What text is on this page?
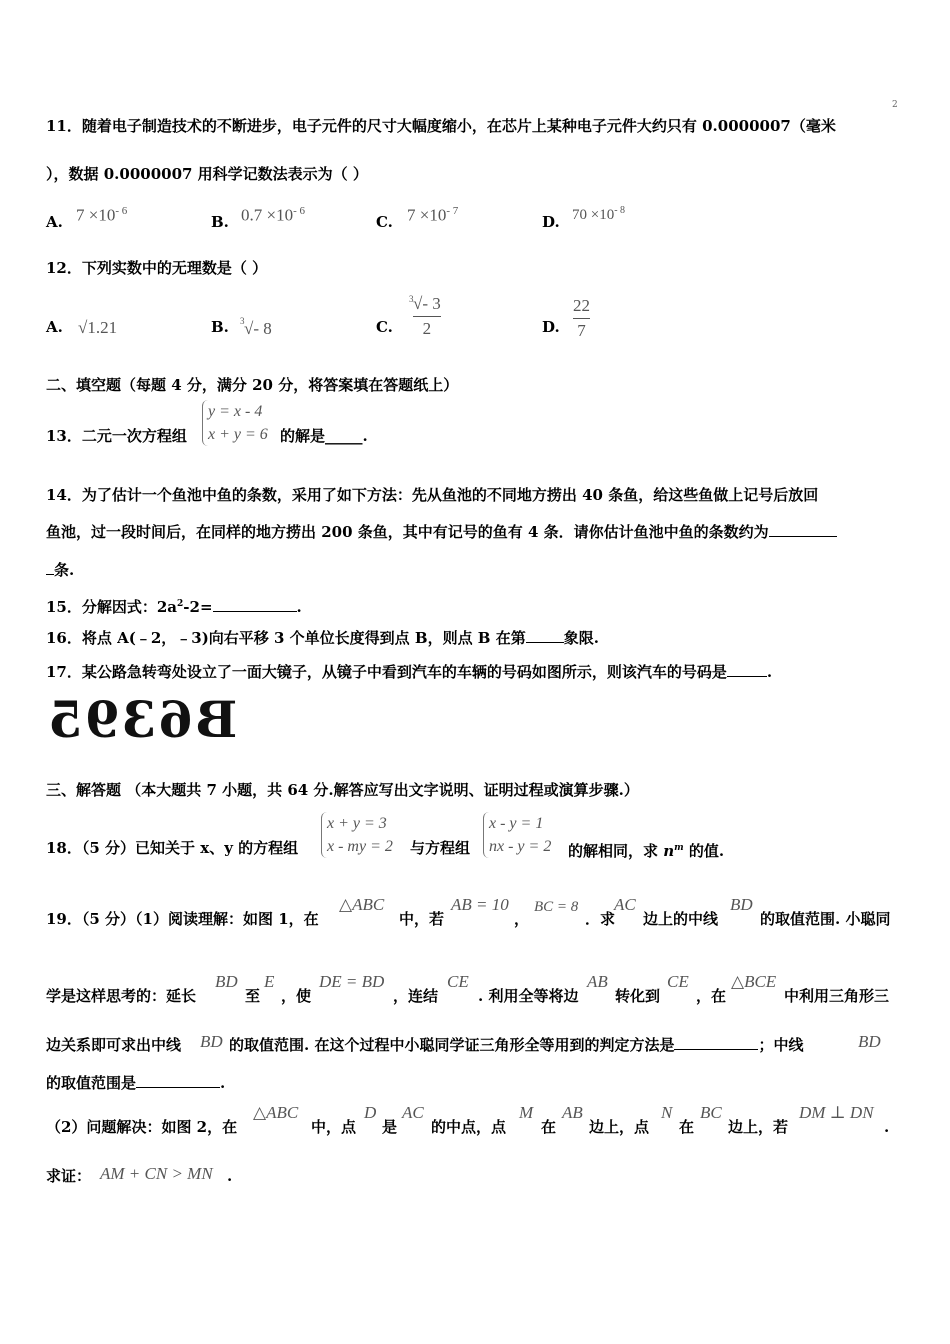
2
11．随着电子制造技术的不断进步，电子元件的尺寸大幅度缩小，在芯片上某种电子元件大约只有 0.0000007（毫米
），数据 0.0000007 用科学记数法表示为（ ）
A. $7 \times 10^{- 6}$
B. $0.7 \times 10^{- 6}$
C. $7 \times 10^{- 7}$
D. $70 \times 10^{- 8}$
12．下列实数中的无理数是（ ）
A. √1.21	B. 3 √- 8	C.
3 √- 3
2	D.
22
7
二、填空题（每题 4 分，满分 20 分，将答案填在答题纸上）
13．二元一次方程组
y = x - 4
x + y = 6 的解是_____.
14．为了估计一个鱼池中鱼的条数，采用了如下方法：先从鱼池的不同地方捞出 40 条鱼，给这些鱼做上记号后放回
鱼池，过一段时间后，在同样的地方捞出 200 条鱼，其中有记号的鱼有 4 条．请你估计鱼池中鱼的条数约为
条.
15．分解因式：$2a^2-2=$	.
16．将点 A(﹣2，﹣3)向右平移 3 个单位长度得到点 B，则点 B 在第	象限.
17．某公路急转弯处设立了一面大镜子，从镜子中看到汽车的车辆的号码如图所示，则该汽车的号码是	.
B6395
三、解答题 （本大题共 7 小题，共 64 分.解答应写出文字说明、证明过程或演算步骤.）
18．（5 分）已知关于 x、y 的方程组
x + y = 3
x - my = 2 与方程组
x - y = 1
nx - y = 2 的解相同，求 $n^m$ 的值.
19．（5 分）（1）阅读理解：如图 1，在
△ABC
中，若
AB = 10
，
BC = 8
．求
AC
边上的中线
BD
的取值范围. 小聪同
学是这样思考的：延长
BD
至
E
，使
DE = BD
，连结
CE
. 利用全等将边
AB
转化到
CE
，在
△BCE
中利用三角形三
边关系即可求出中线 BD 的取值范围. 在这个过程中小聪同学证三角形全等用到的判定方法是	；中线	BD
的取值范围是	.
（2）问题解决：如图 2，在
△ABC
中，点
D
是
AC
的中点，点
M
在
AB
边上，点
N
在
BC
边上，若
DM ⊥ DN
.
求证： AM + CN > MN .
